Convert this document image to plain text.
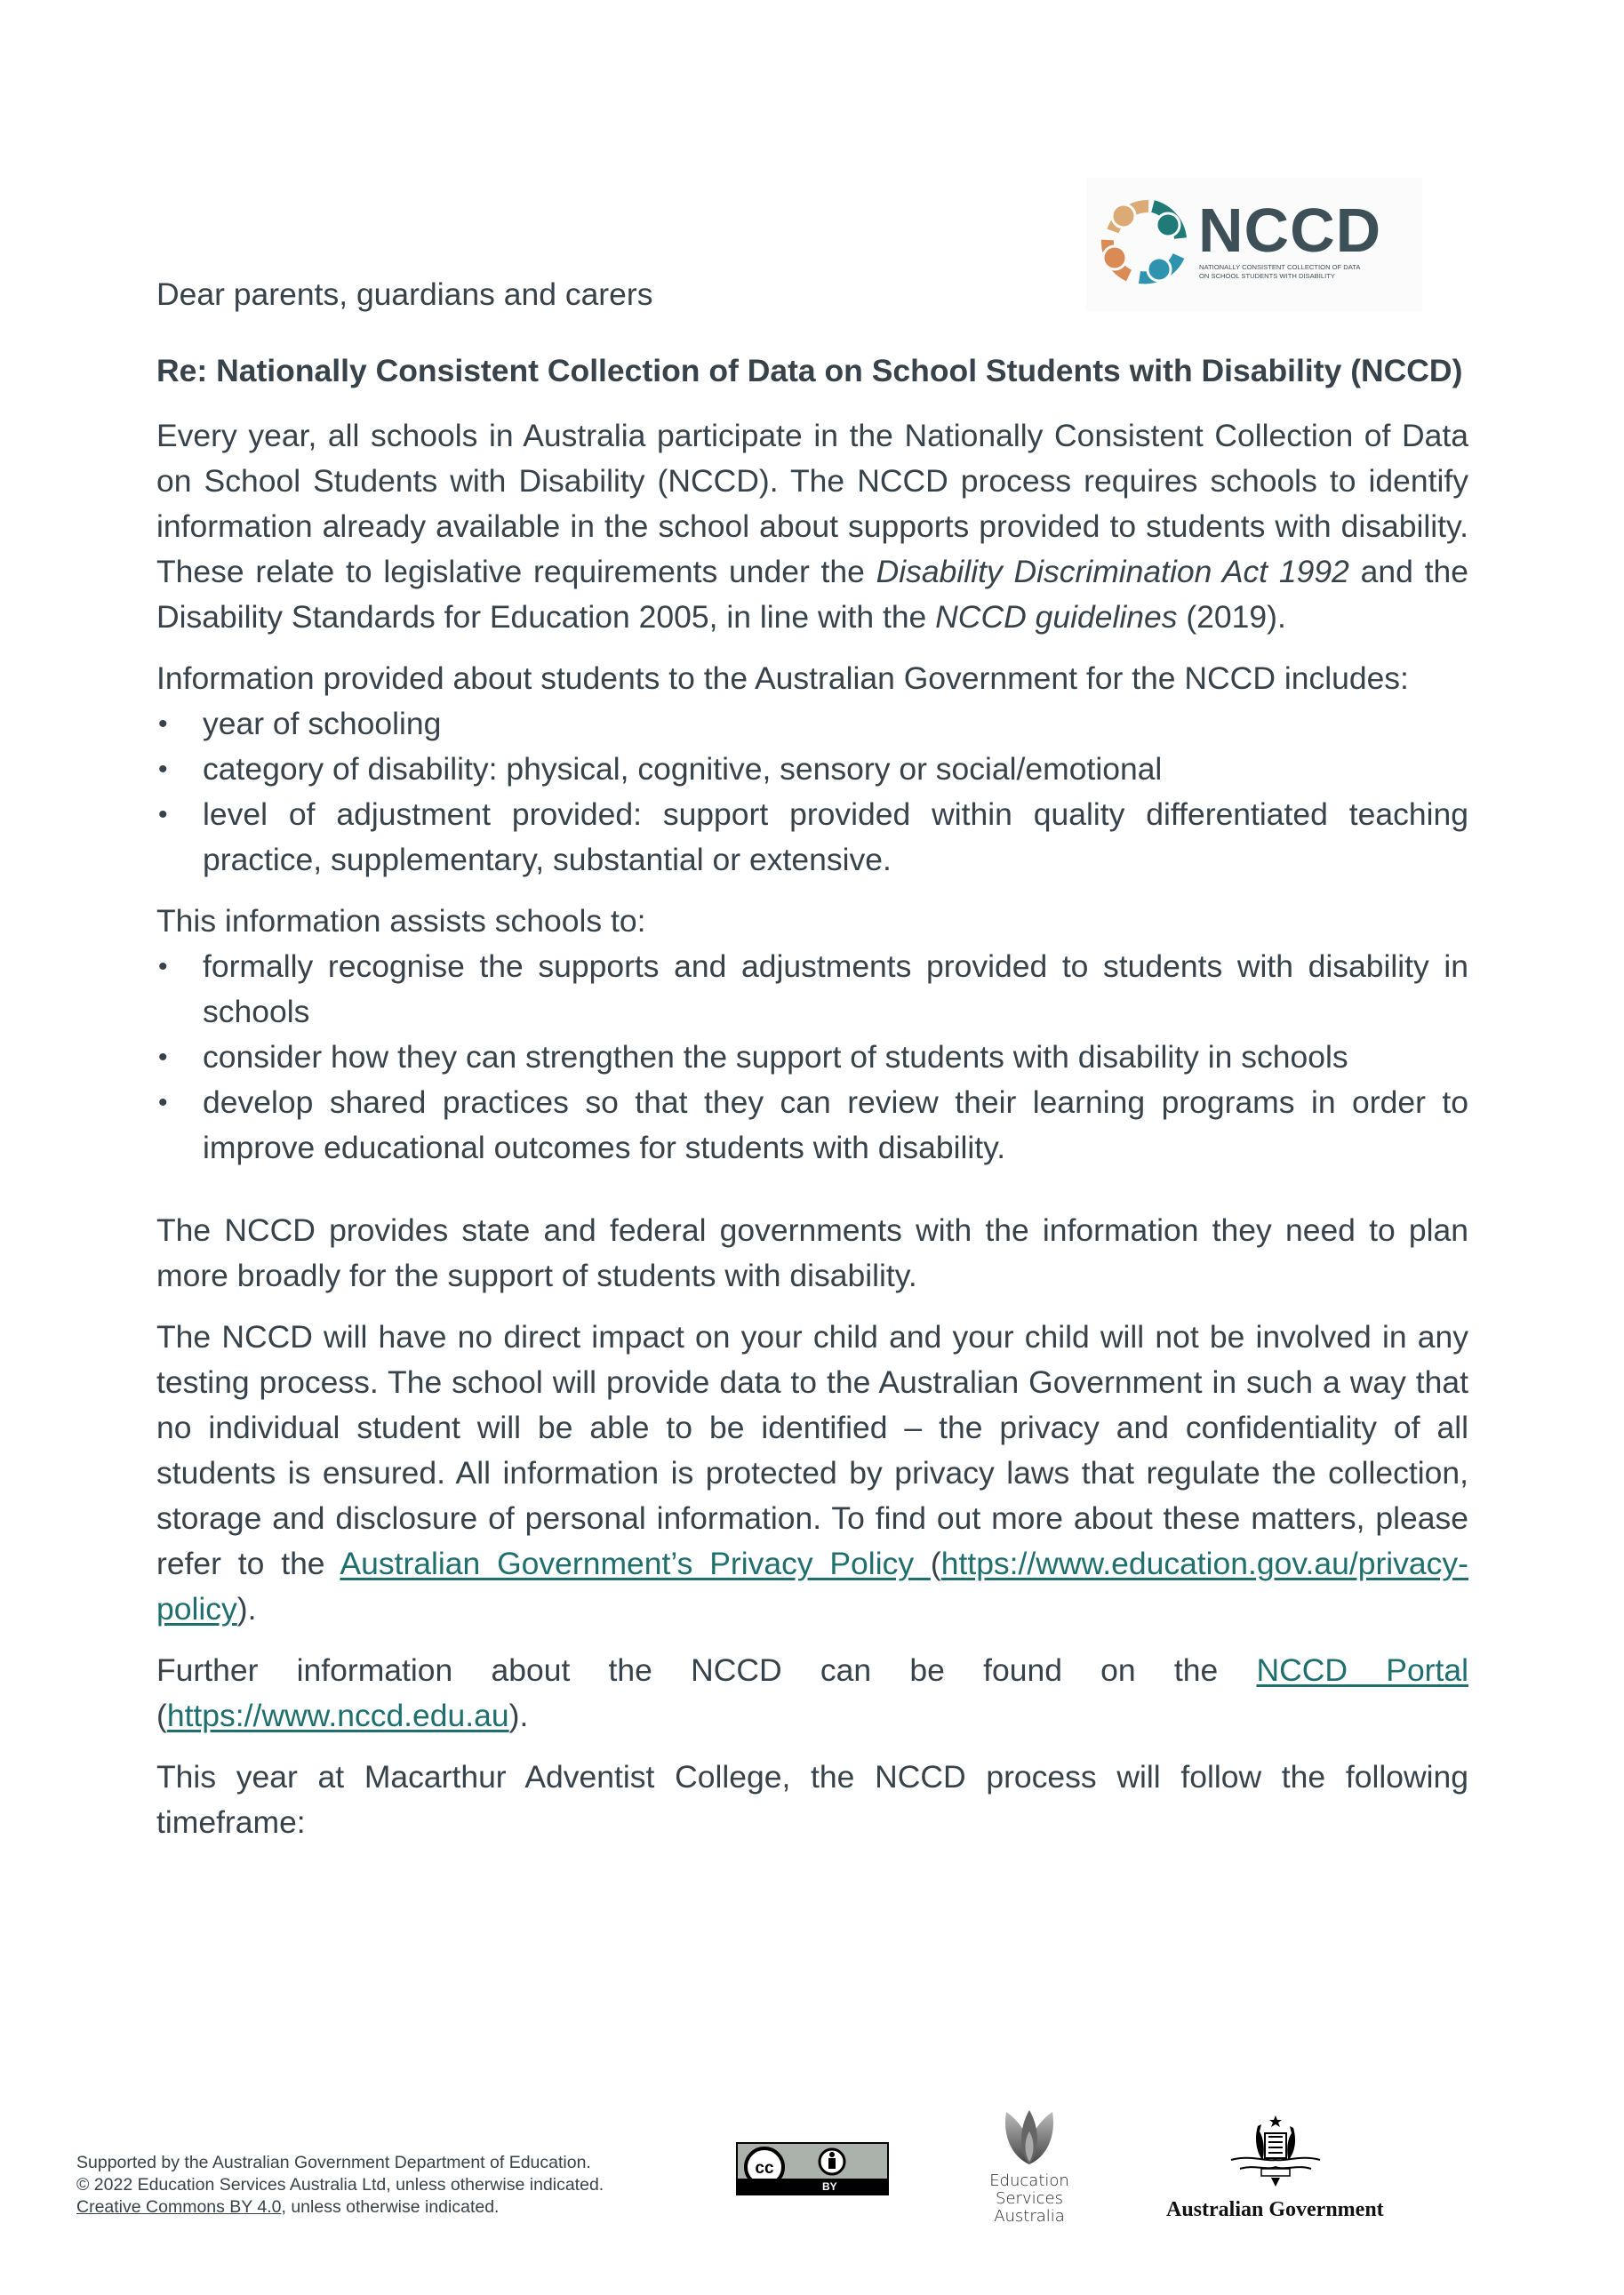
NCCD
NATIONALLY CONSISTENT COLLECTION OF DATA
ON SCHOOL STUDENTS WITH DISABILITY
Dear parents, guardians and carers
Re: Nationally Consistent Collection of Data on School Students with Disability (NCCD)

Every year, all schools in Australia participate in the Nationally Consistent Collection of Data on School Students with Disability (NCCD). The NCCD process requires schools to identify information already available in the school about supports provided to students with disability. These relate to legislative requirements under the Disability Discrimination Act 1992 and the Disability Standards for Education 2005, in line with the NCCD guidelines (2019).

Information provided about students to the Australian Government for the NCCD includes:

• year of schooling
• category of disability: physical, cognitive, sensory or social/emotional
• level of adjustment provided: support provided within quality differentiated teaching practice, supplementary, substantial or extensive.

This information assists schools to:

• formally recognise the supports and adjustments provided to students with disability in schools
• consider how they can strengthen the support of students with disability in schools
• develop shared practices so that they can review their learning programs in order to improve educational outcomes for students with disability.

The NCCD provides state and federal governments with the information they need to plan more broadly for the support of students with disability.

The NCCD will have no direct impact on your child and your child will not be involved in any testing process. The school will provide data to the Australian Government in such a way that no individual student will be able to be identified – the privacy and confidentiality of all students is ensured. All information is protected by privacy laws that regulate the collection, storage and disclosure of personal information. To find out more about these matters, please refer to the Australian Government’s Privacy Policy (https://www.education.gov.au/privacy-policy).

Further information about the NCCD can be found on the NCCD Portal (https://www.nccd.edu.au).

This year at Macarthur Adventist College, the NCCD process will follow the following timeframe:

Supported by the Australian Government Department of Education.
© 2022 Education Services Australia Ltd, unless otherwise indicated.
Creative Commons BY 4.0, unless otherwise indicated.
cc
BY	Education
Services
Australia	Australian Government
